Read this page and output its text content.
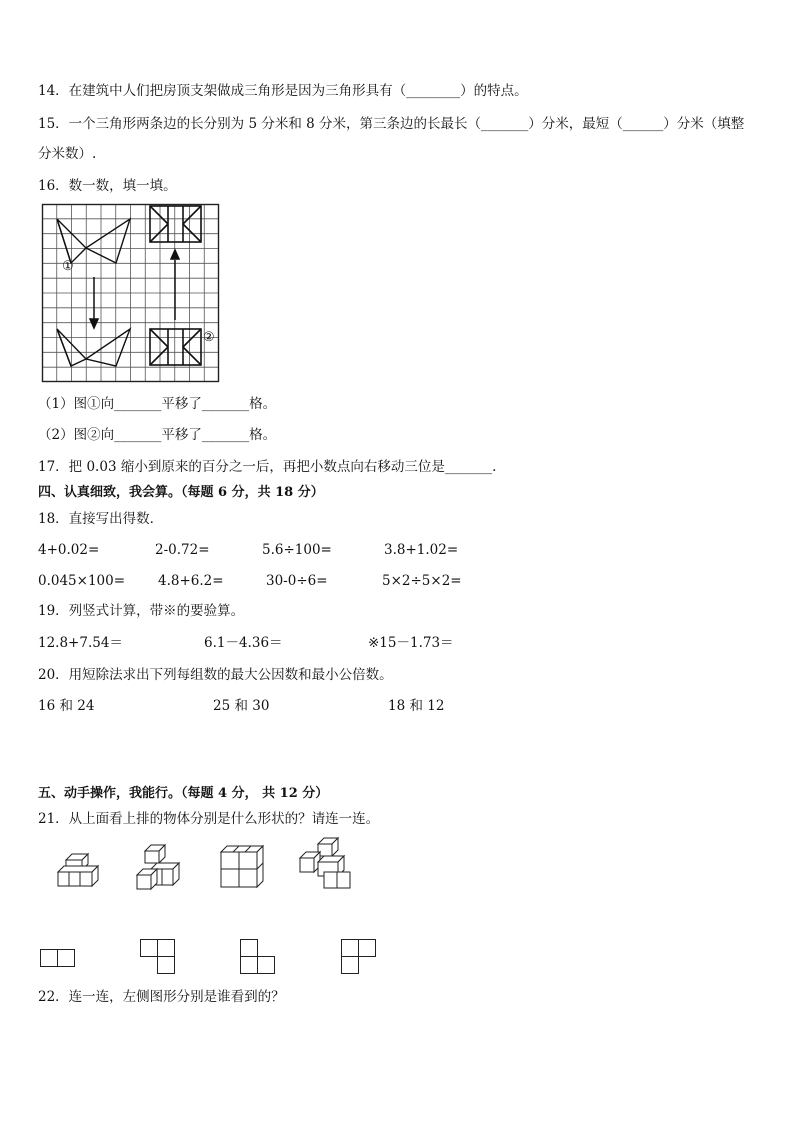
14．在建筑中人们把房顶支架做成三角形是因为三角形具有（________）的特点。
15．一个三角形两条边的长分别为 5 分米和 8 分米，第三条边的长最长（_______）分米，最短（______）分米（填整
分米数）.
16．数一数，填一填。
①
②
（1）图①向_______平移了_______格。
（2）图②向_______平移了_______格。
17．把 0.03 缩小到原来的百分之一后，再把小数点向右移动三位是_______.
四、认真细致，我会算。（每题 6 分，共 18 分）
18．直接写出得数．
4+0.02=	2-0.72=	5.6÷100=	3.8+1.02=
0.045×100= 4.8+6.2=	30-0÷6=	5×2÷5×2=
19．列竖式计算，带※的要验算。
12.8+7.54＝	6.1－4.36＝	※15－1.73＝
20．用短除法求出下列每组数的最大公因数和最小公倍数。
16 和 24	25 和 30	18 和 12
五、动手操作，我能行。（每题 4 分， 共 12 分）
21．从上面看上排的物体分别是什么形状的？请连一连。
22．连一连，左侧图形分别是谁看到的？
